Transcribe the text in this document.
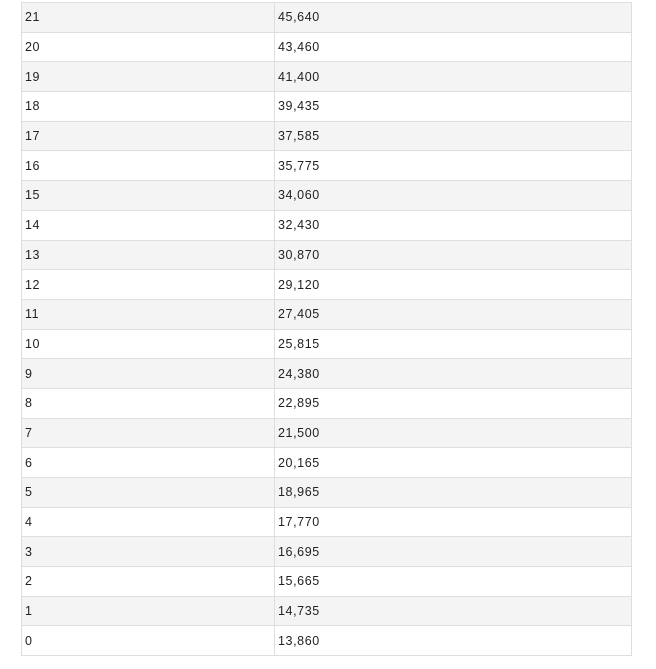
21	45,640
20	43,460
19	41,400
18	39,435
17	37,585
16	35,775
15	34,060
14	32,430
13	30,870
12	29,120
11	27,405
10	25,815
9	24,380
8	22,895
7	21,500
6	20,165
5	18,965
4	17,770
3	16,695
2	15,665
1	14,735
0	13,860
